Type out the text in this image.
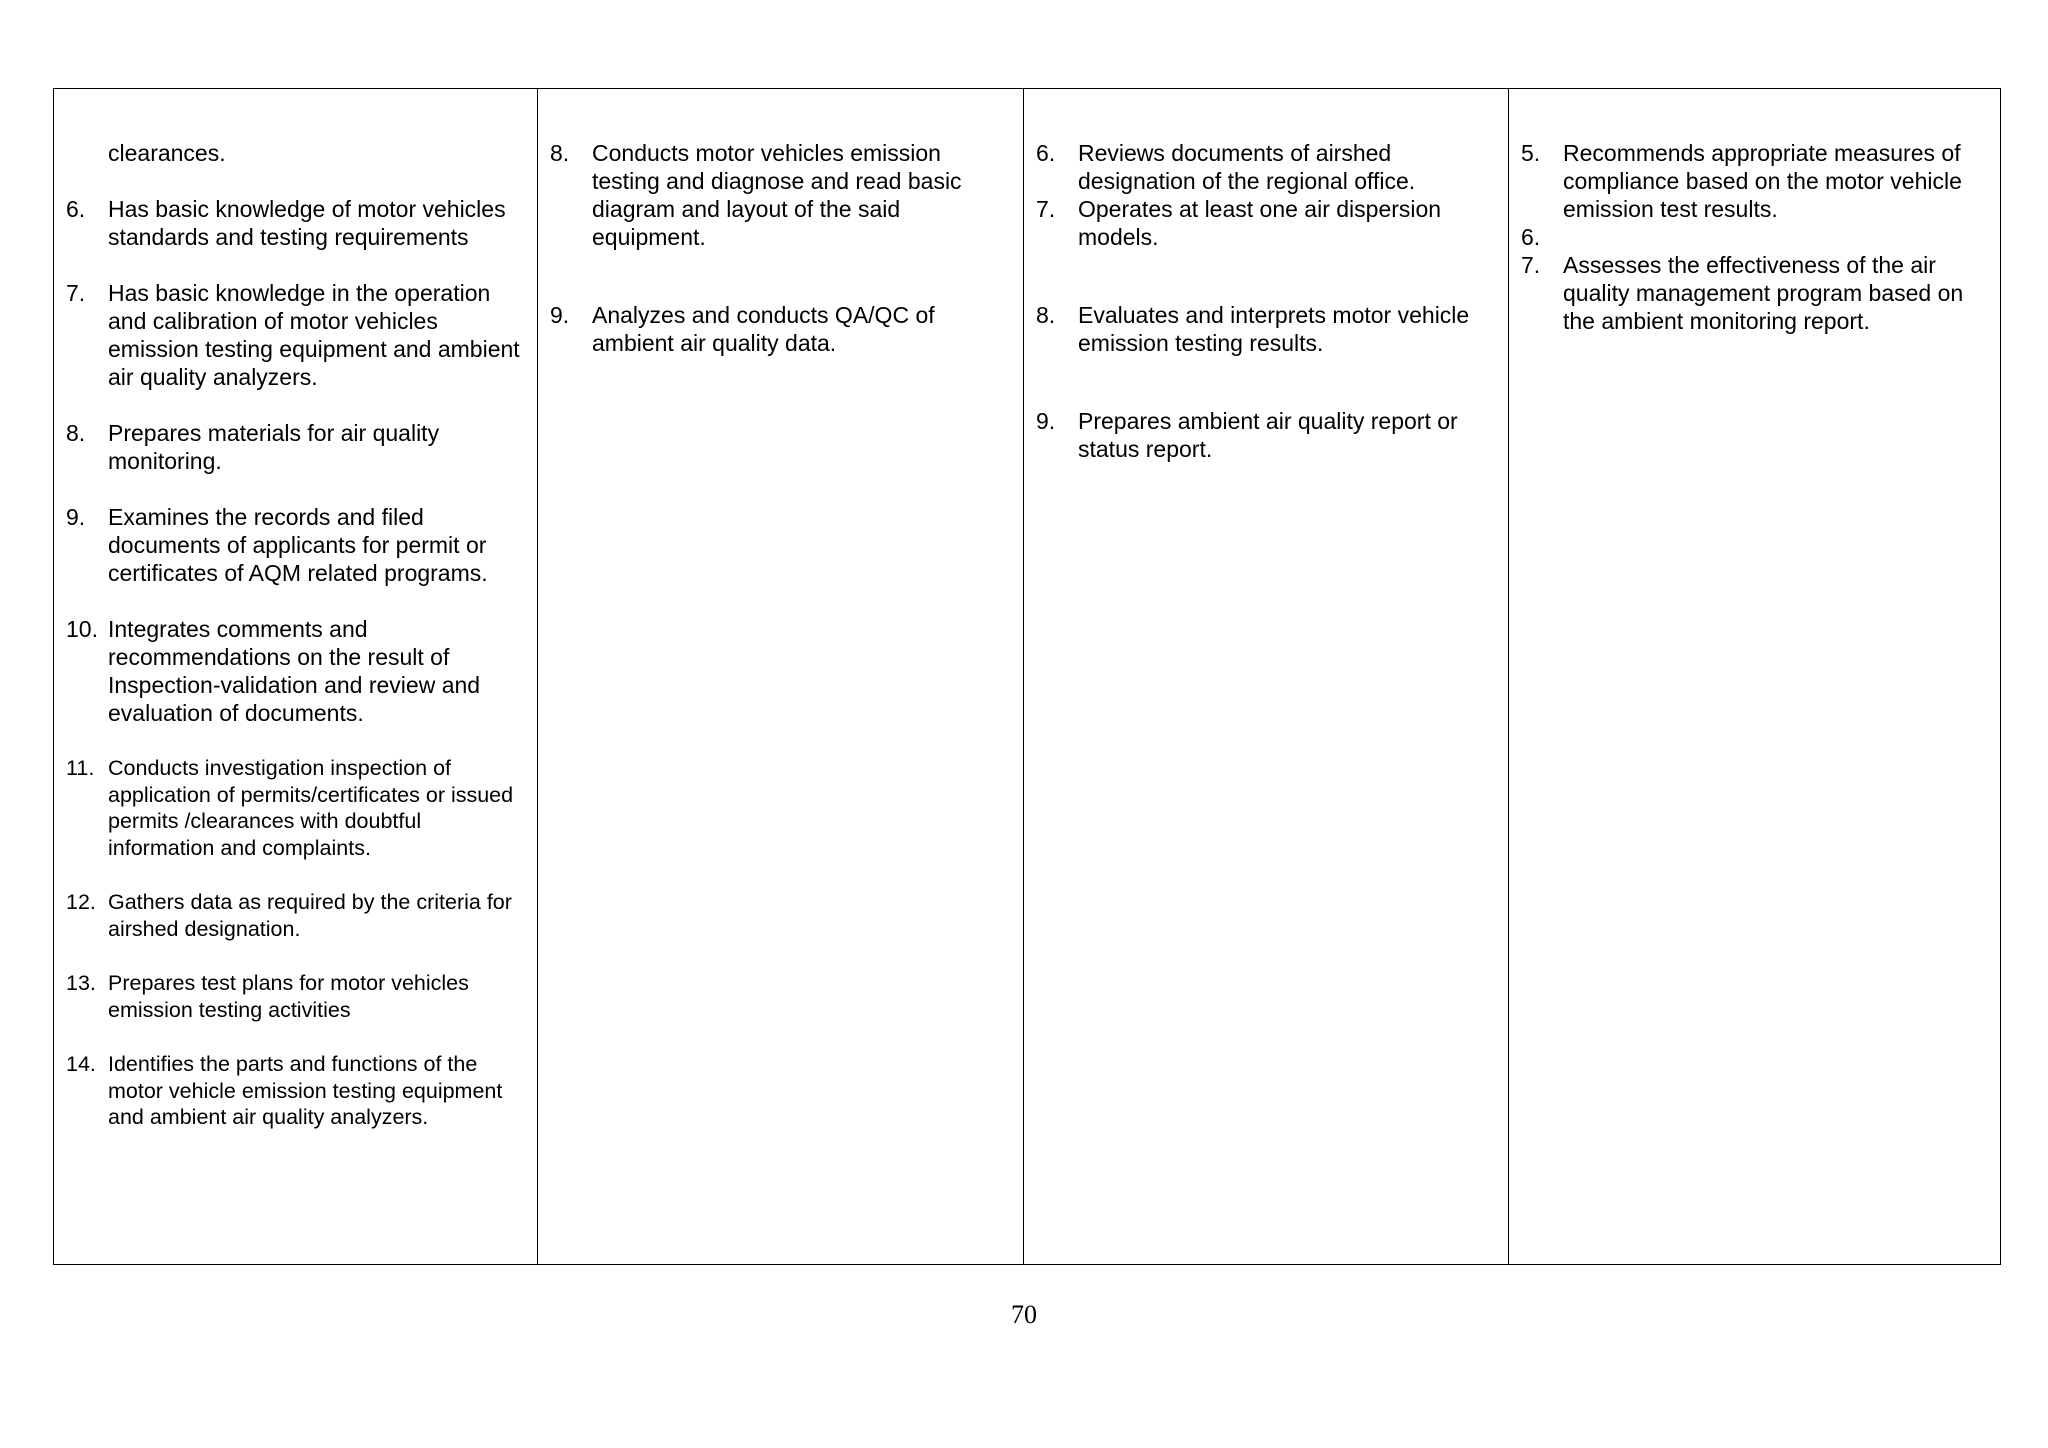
clearances.
6. Has basic knowledge of motor vehicles standards and testing requirements
7. Has basic knowledge in the operation and calibration of motor vehicles emission testing equipment and ambient air quality analyzers.
8. Prepares materials for air quality monitoring.
9. Examines the records and filed documents of applicants for permit or certificates of AQM related programs.
10. Integrates comments and recommendations on the result of Inspection-validation and review and evaluation of documents.
11. Conducts investigation inspection of application of permits/certificates or issued permits /clearances with doubtful information and complaints.
12. Gathers data as required by the criteria for airshed designation.
13. Prepares test plans for motor vehicles emission testing activities
14. Identifies the parts and functions of the motor vehicle emission testing equipment and ambient air quality analyzers.

8. Conducts motor vehicles emission testing and diagnose and read basic diagram and layout of the said equipment.
9. Analyzes and conducts QA/QC of ambient air quality data.

6. Reviews documents of airshed designation of the regional office.
7. Operates at least one air dispersion models.
8. Evaluates and interprets motor vehicle emission testing results.
9. Prepares ambient air quality report or status report.

5. Recommends appropriate measures of compliance based on the motor vehicle emission test results.
6.
7. Assesses the effectiveness of the air quality management program based on the ambient monitoring report.
70
